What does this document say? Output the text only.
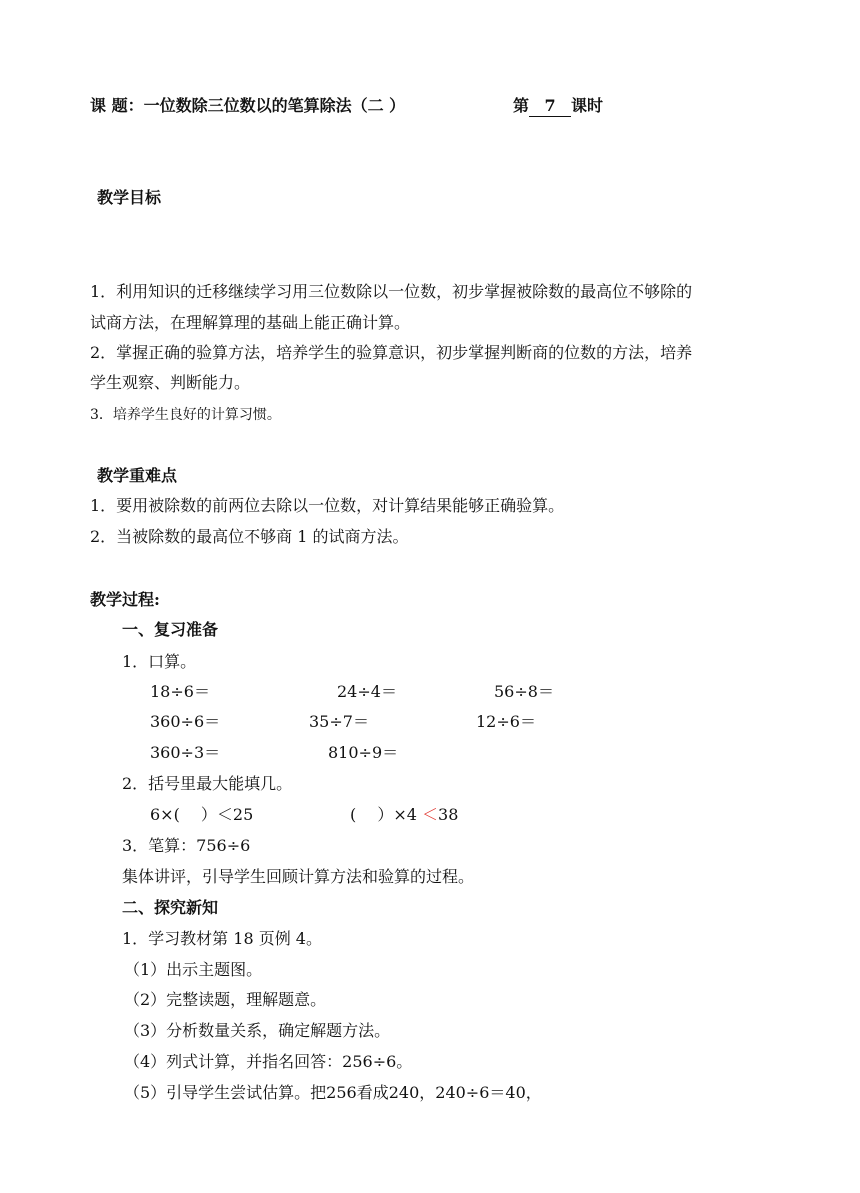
课 题：一位数除三位数以的笔算除法（二 ）	第 7 课时
教学目标
1．利用知识的迁移继续学习用三位数除以一位数，初步掌握被除数的最高位不够除的
试商方法，在理解算理的基础上能正确计算。
2．掌握正确的验算方法，培养学生的验算意识，初步掌握判断商的位数的方法，培养
学生观察、判断能力。
3．培养学生良好的计算习惯。
教学重难点
1．要用被除数的前两位去除以一位数，对计算结果能够正确验算。
2．当被除数的最高位不够商 1 的试商方法。
教学过程:
一、复习准备
1．口算。
18÷6＝	24÷4＝	56÷8＝
360÷6＝	35÷7＝	12÷6＝
360÷3＝	810÷9＝
2．括号里最大能填几。
6×(　 ）＜25	(　 ）×4 ＜38
3．笔算：756÷6
集体讲评，引导学生回顾计算方法和验算的过程。
二、探究新知
1．学习教材第 18 页例 4。
（1）出示主题图。
（2）完整读题，理解题意。
（3）分析数量关系，确定解题方法。
（4）列式计算，并指名回答：256÷6。
（5）引导学生尝试估算。把256看成240，240÷6＝40，
